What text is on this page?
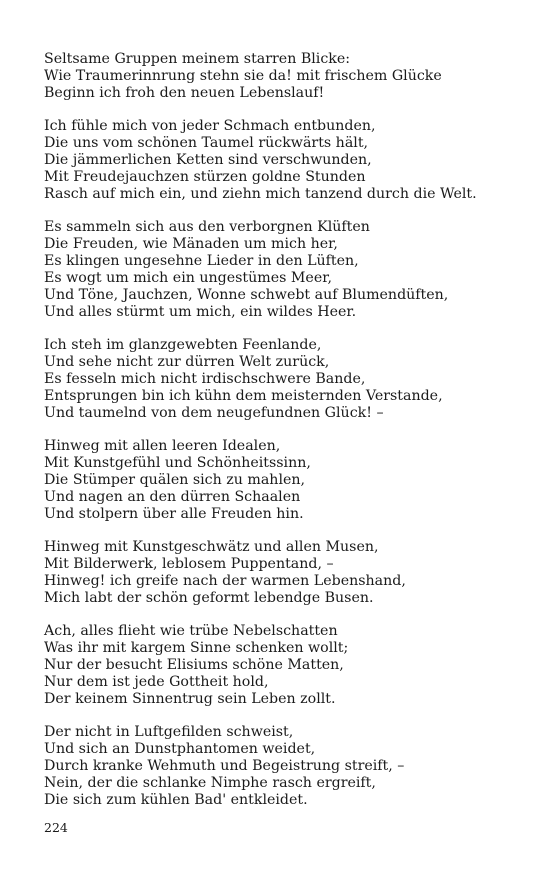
Seltsame Gruppen meinem starren Blicke:
Wie Traumerinnrung stehn sie da! mit frischem Glücke
Beginn ich froh den neuen Lebenslauf!
Ich fühle mich von jeder Schmach entbunden,
Die uns vom schönen Taumel rückwärts hält,
Die jämmerlichen Ketten sind verschwunden,
Mit Freudejauchzen stürzen goldne Stunden
Rasch auf mich ein, und ziehn mich tanzend durch die Welt.
Es sammeln sich aus den verborgnen Klüften
Die Freuden, wie Mänaden um mich her,
Es klingen ungesehne Lieder in den Lüften,
Es wogt um mich ein ungestümes Meer,
Und Töne, Jauchzen, Wonne schwebt auf Blumendüften,
Und alles stürmt um mich, ein wildes Heer.
Ich steh im glanzgewebten Feenlande,
Und sehe nicht zur dürren Welt zurück,
Es fesseln mich nicht irdischschwere Bande,
Entsprungen bin ich kühn dem meisternden Verstande,
Und taumelnd von dem neugefundnen Glück! –
Hinweg mit allen leeren Idealen,
Mit Kunstgefühl und Schönheitssinn,
Die Stümper quälen sich zu mahlen,
Und nagen an den dürren Schaalen
Und stolpern über alle Freuden hin.
Hinweg mit Kunstgeschwätz und allen Musen,
Mit Bilderwerk, leblosem Puppentand, –
Hinweg! ich greife nach der warmen Lebenshand,
Mich labt der schön geformt lebendge Busen.
Ach, alles flieht wie trübe Nebelschatten
Was ihr mit kargem Sinne schenken wollt;
Nur der besucht Elisiums schöne Matten,
Nur dem ist jede Gottheit hold,
Der keinem Sinnentrug sein Leben zollt.
Der nicht in Luftgefilden schweist,
Und sich an Dunstphantomen weidet,
Durch kranke Wehmuth und Begeistrung streift, –
Nein, der die schlanke Nimphe rasch ergreift,
Die sich zum kühlen Bad' entkleidet.
224
